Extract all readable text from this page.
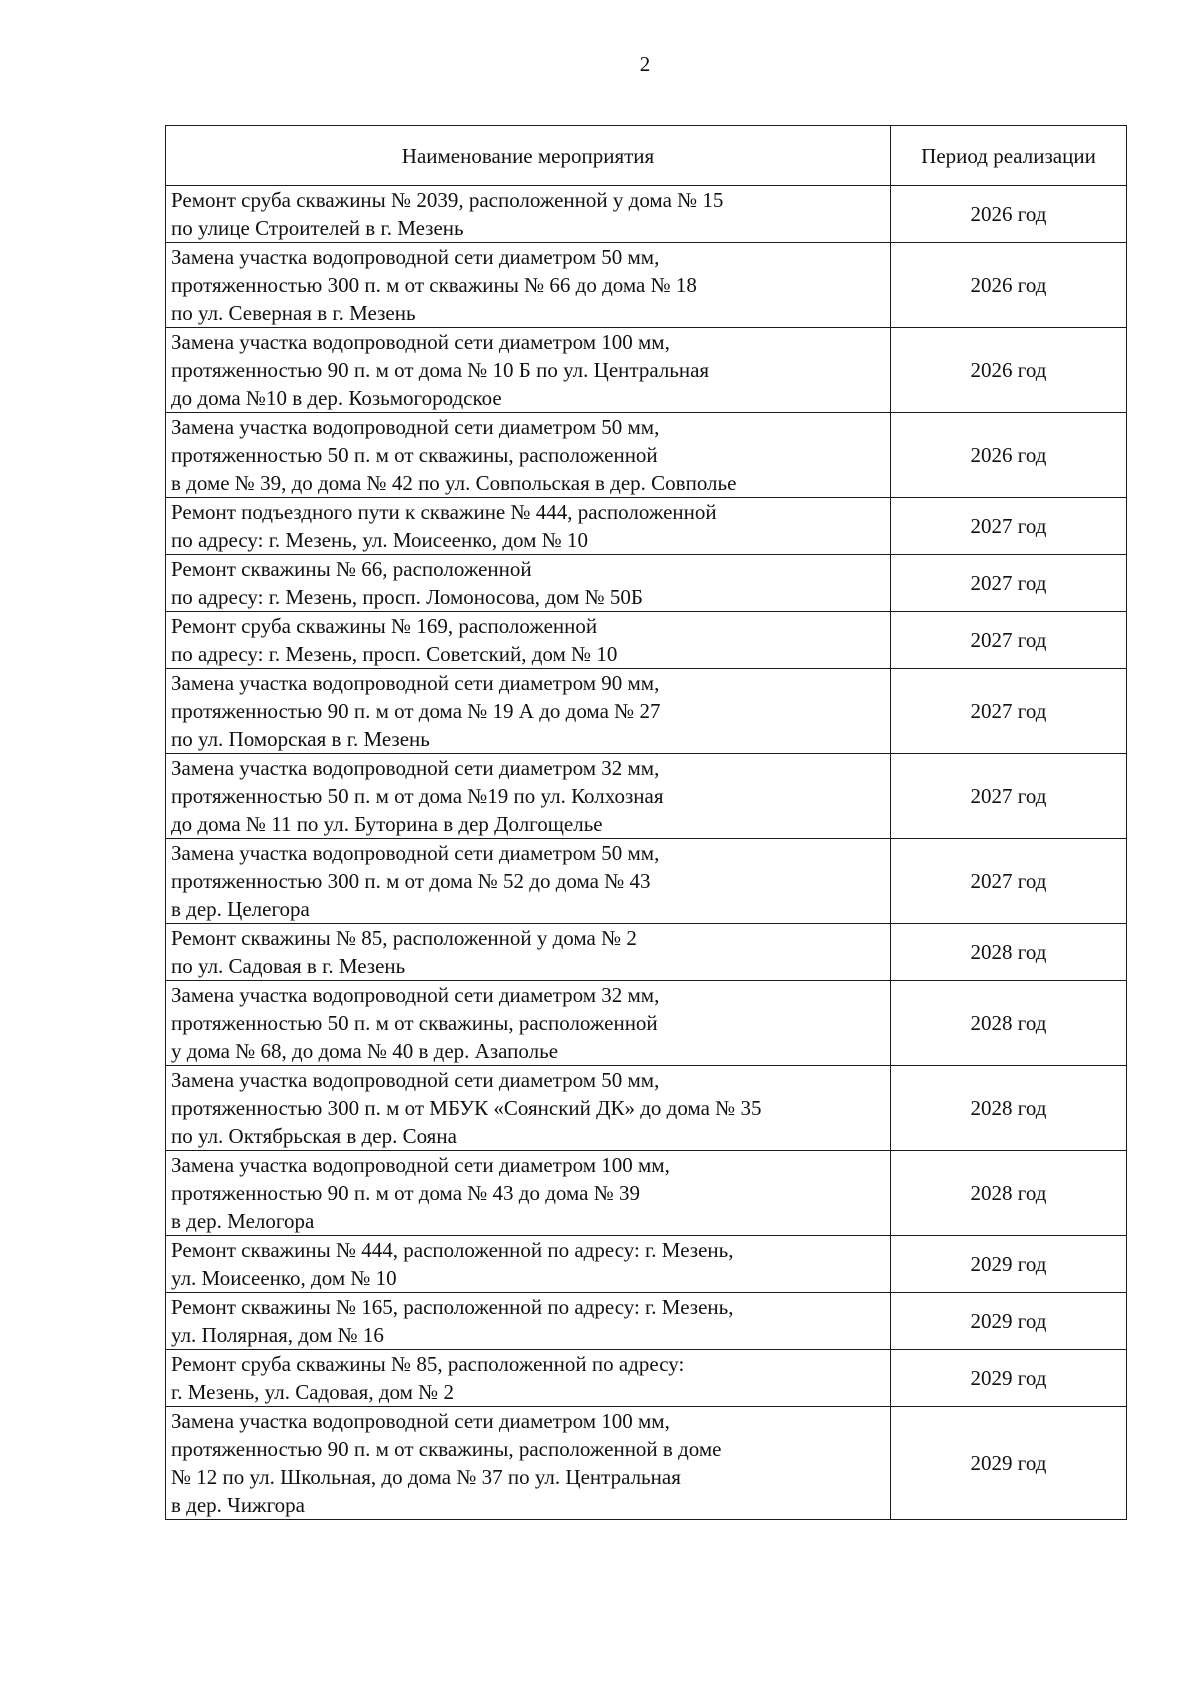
2
Наименование мероприятия	Период реализации
Ремонт сруба скважины № 2039, расположенной у дома № 15
по улице Строителей в г. Мезень	2026 год
Замена участка водопроводной сети диаметром 50 мм,
протяженностью 300 п. м от скважины № 66 до дома № 18
по ул. Северная в г. Мезень	2026 год
Замена участка водопроводной сети диаметром 100 мм,
протяженностью 90 п. м от дома № 10 Б по ул. Центральная
до дома №10 в дер. Козьмогородское	2026 год
Замена участка водопроводной сети диаметром 50 мм,
протяженностью 50 п. м от скважины, расположенной
в доме № 39, до дома № 42 по ул. Совпольская в дер. Совполье	2026 год
Ремонт подъездного пути к скважине № 444, расположенной
по адресу: г. Мезень, ул. Моисеенко, дом № 10	2027 год
Ремонт скважины № 66, расположенной
по адресу: г. Мезень, просп. Ломоносова, дом № 50Б	2027 год
Ремонт сруба скважины № 169, расположенной
по адресу: г. Мезень, просп. Советский, дом № 10	2027 год
Замена участка водопроводной сети диаметром 90 мм,
протяженностью 90 п. м от дома № 19 А до дома № 27
по ул. Поморская в г. Мезень	2027 год
Замена участка водопроводной сети диаметром 32 мм,
протяженностью 50 п. м от дома №19 по ул. Колхозная
до дома № 11 по ул. Буторина в дер Долгощелье	2027 год
Замена участка водопроводной сети диаметром 50 мм,
протяженностью 300 п. м от дома № 52 до дома № 43
в дер. Целегора	2027 год
Ремонт скважины № 85, расположенной у дома № 2
по ул. Садовая в г. Мезень	2028 год
Замена участка водопроводной сети диаметром 32 мм,
протяженностью 50 п. м от скважины, расположенной
у дома № 68, до дома № 40 в дер. Азаполье	2028 год
Замена участка водопроводной сети диаметром 50 мм,
протяженностью 300 п. м от МБУК «Соянский ДК» до дома № 35
по ул. Октябрьская в дер. Сояна	2028 год
Замена участка водопроводной сети диаметром 100 мм,
протяженностью 90 п. м от дома № 43 до дома № 39
в дер. Мелогора	2028 год
Ремонт скважины № 444, расположенной по адресу: г. Мезень,
ул. Моисеенко, дом № 10	2029 год
Ремонт скважины № 165, расположенной по адресу: г. Мезень,
ул. Полярная, дом № 16	2029 год
Ремонт сруба скважины № 85, расположенной по адресу:
г. Мезень, ул. Садовая, дом № 2	2029 год
Замена участка водопроводной сети диаметром 100 мм,
протяженностью 90 п. м от скважины, расположенной в доме
№ 12 по ул. Школьная, до дома № 37 по ул. Центральная
в дер. Чижгора	2029 год
